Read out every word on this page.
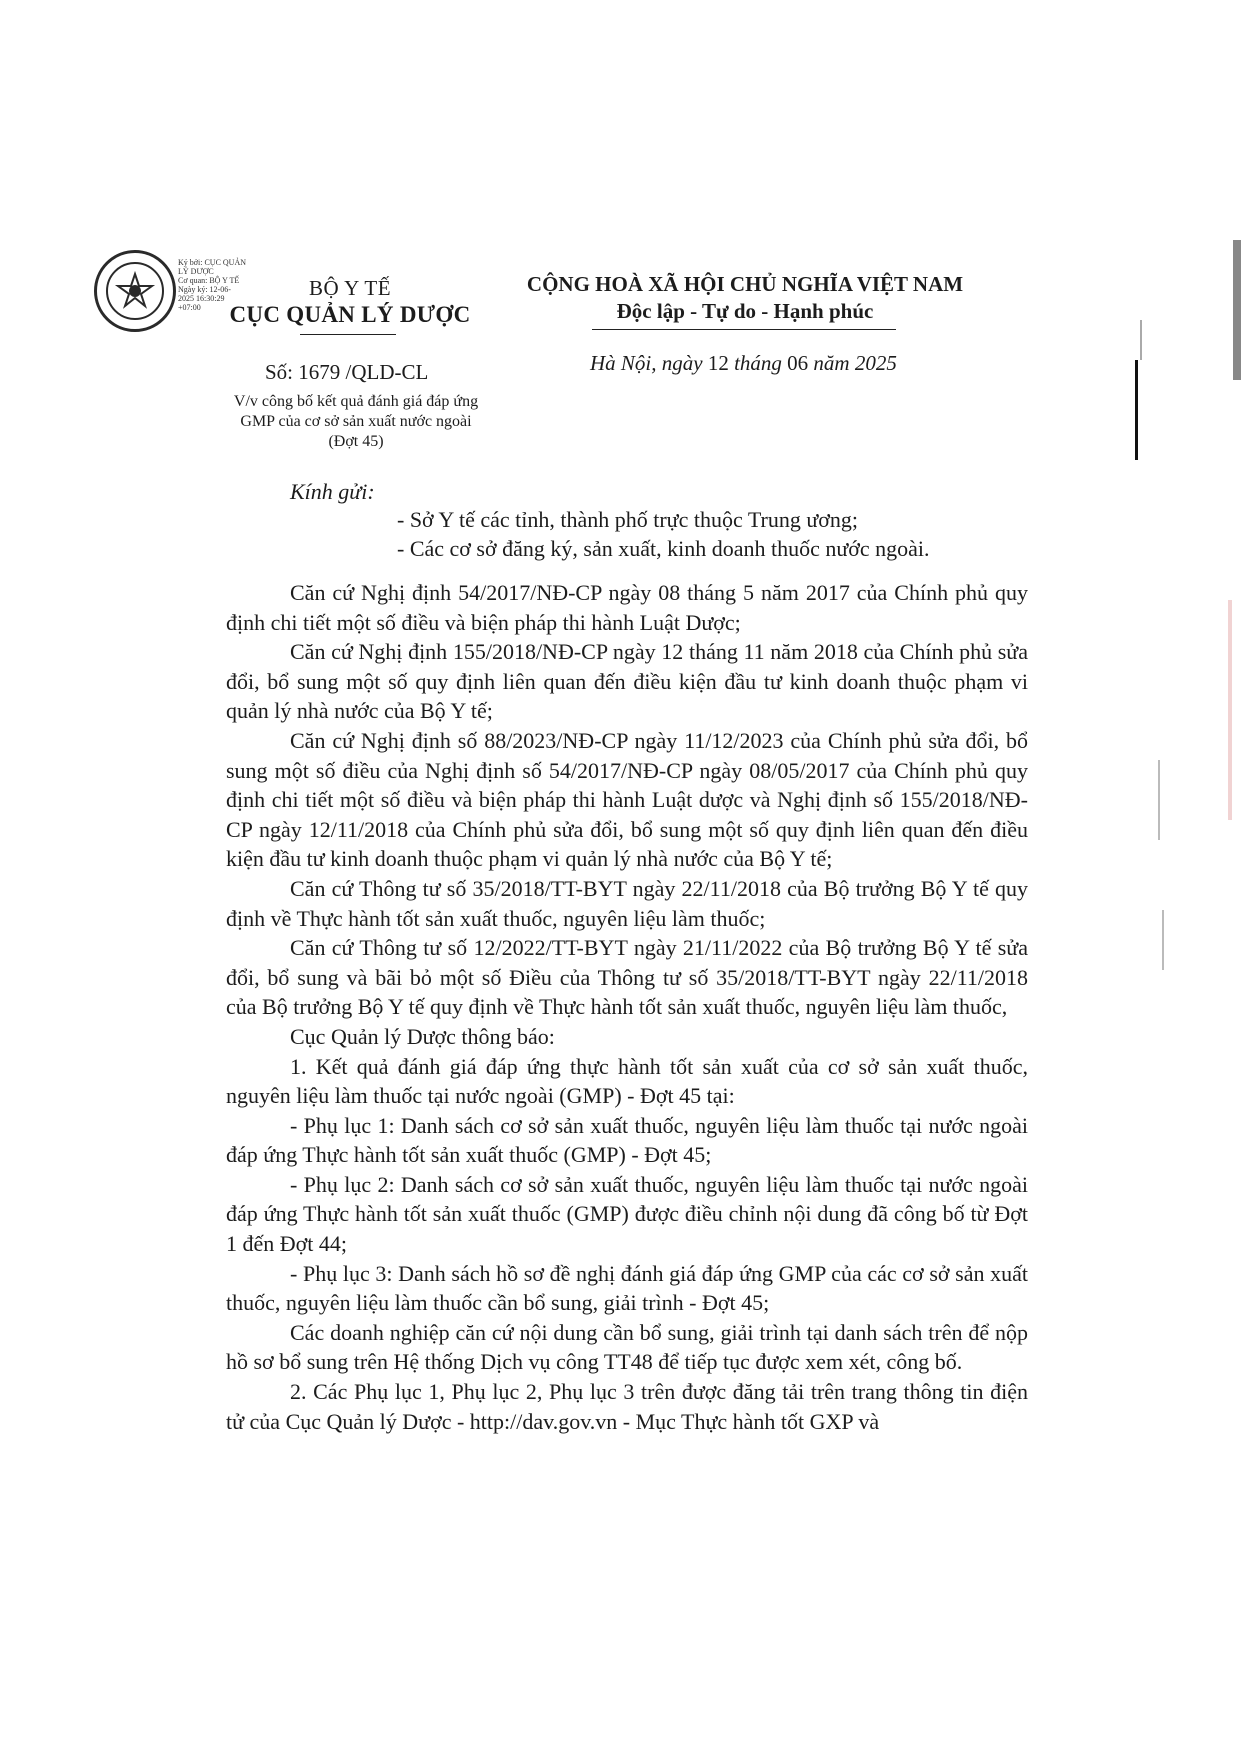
Ký bởi: CỤC QUẢN
LÝ DƯỢC
Cơ quan: BỘ Y TẾ
Ngày ký: 12-06-
2025 16:30:29
+07:00
BỘ Y TẾ
CỤC QUẢN LÝ DƯỢC
CỘNG HOÀ XÃ HỘI CHỦ NGHĨA VIỆT NAM
Độc lập - Tự do - Hạnh phúc
Số: 1679 /QLD-CL	Hà Nội, ngày 12 tháng 06 năm 2025
V/v công bố kết quả đánh giá đáp ứng
GMP của cơ sở sản xuất nước ngoài
(Đợt 45)
Kính gửi:
- Sở Y tế các tỉnh, thành phố trực thuộc Trung ương;
- Các cơ sở đăng ký, sản xuất, kinh doanh thuốc nước ngoài.

Căn cứ Nghị định 54/2017/NĐ-CP ngày 08 tháng 5 năm 2017 của Chính phủ quy định chi tiết một số điều và biện pháp thi hành Luật Dược;

Căn cứ Nghị định 155/2018/NĐ-CP ngày 12 tháng 11 năm 2018 của Chính phủ sửa đổi, bổ sung một số quy định liên quan đến điều kiện đầu tư kinh doanh thuộc phạm vi quản lý nhà nước của Bộ Y tế;

Căn cứ Nghị định số 88/2023/NĐ-CP ngày 11/12/2023 của Chính phủ sửa đổi, bổ sung một số điều của Nghị định số 54/2017/NĐ-CP ngày 08/05/2017 của Chính phủ quy định chi tiết một số điều và biện pháp thi hành Luật dược và Nghị định số 155/2018/NĐ-CP ngày 12/11/2018 của Chính phủ sửa đổi, bổ sung một số quy định liên quan đến điều kiện đầu tư kinh doanh thuộc phạm vi quản lý nhà nước của Bộ Y tế;

Căn cứ Thông tư số 35/2018/TT-BYT ngày 22/11/2018 của Bộ trưởng Bộ Y tế quy định về Thực hành tốt sản xuất thuốc, nguyên liệu làm thuốc;

Căn cứ Thông tư số 12/2022/TT-BYT ngày 21/11/2022 của Bộ trưởng Bộ Y tế sửa đổi, bổ sung và bãi bỏ một số Điều của Thông tư số 35/2018/TT-BYT ngày 22/11/2018 của Bộ trưởng Bộ Y tế quy định về Thực hành tốt sản xuất thuốc, nguyên liệu làm thuốc,

Cục Quản lý Dược thông báo:

1. Kết quả đánh giá đáp ứng thực hành tốt sản xuất của cơ sở sản xuất thuốc, nguyên liệu làm thuốc tại nước ngoài (GMP) - Đợt 45 tại:

- Phụ lục 1: Danh sách cơ sở sản xuất thuốc, nguyên liệu làm thuốc tại nước ngoài đáp ứng Thực hành tốt sản xuất thuốc (GMP) - Đợt 45;

- Phụ lục 2: Danh sách cơ sở sản xuất thuốc, nguyên liệu làm thuốc tại nước ngoài đáp ứng Thực hành tốt sản xuất thuốc (GMP) được điều chỉnh nội dung đã công bố từ Đợt 1 đến Đợt 44;

- Phụ lục 3: Danh sách hồ sơ đề nghị đánh giá đáp ứng GMP của các cơ sở sản xuất thuốc, nguyên liệu làm thuốc cần bổ sung, giải trình - Đợt 45;

Các doanh nghiệp căn cứ nội dung cần bổ sung, giải trình tại danh sách trên để nộp hồ sơ bổ sung trên Hệ thống Dịch vụ công TT48 để tiếp tục được xem xét, công bố.

2. Các Phụ lục 1, Phụ lục 2, Phụ lục 3 trên được đăng tải trên trang thông tin điện tử của Cục Quản lý Dược - http://dav.gov.vn - Mục Thực hành tốt GXP và
